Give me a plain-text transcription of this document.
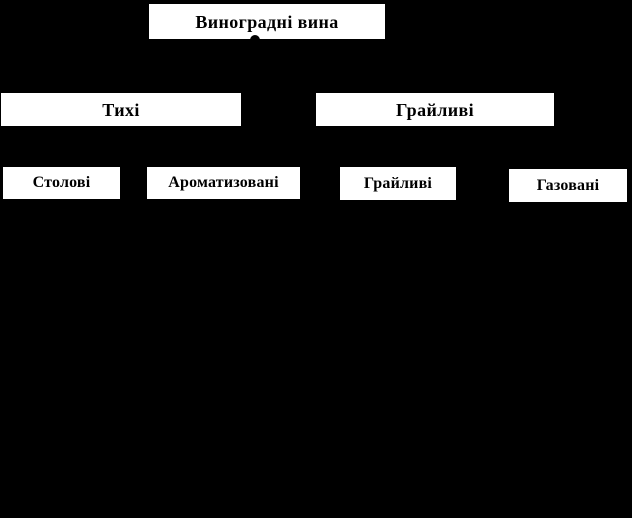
Виноградні вина
Тихі	Грайливі
Столові	Ароматизовані	Грайливі	Газовані
